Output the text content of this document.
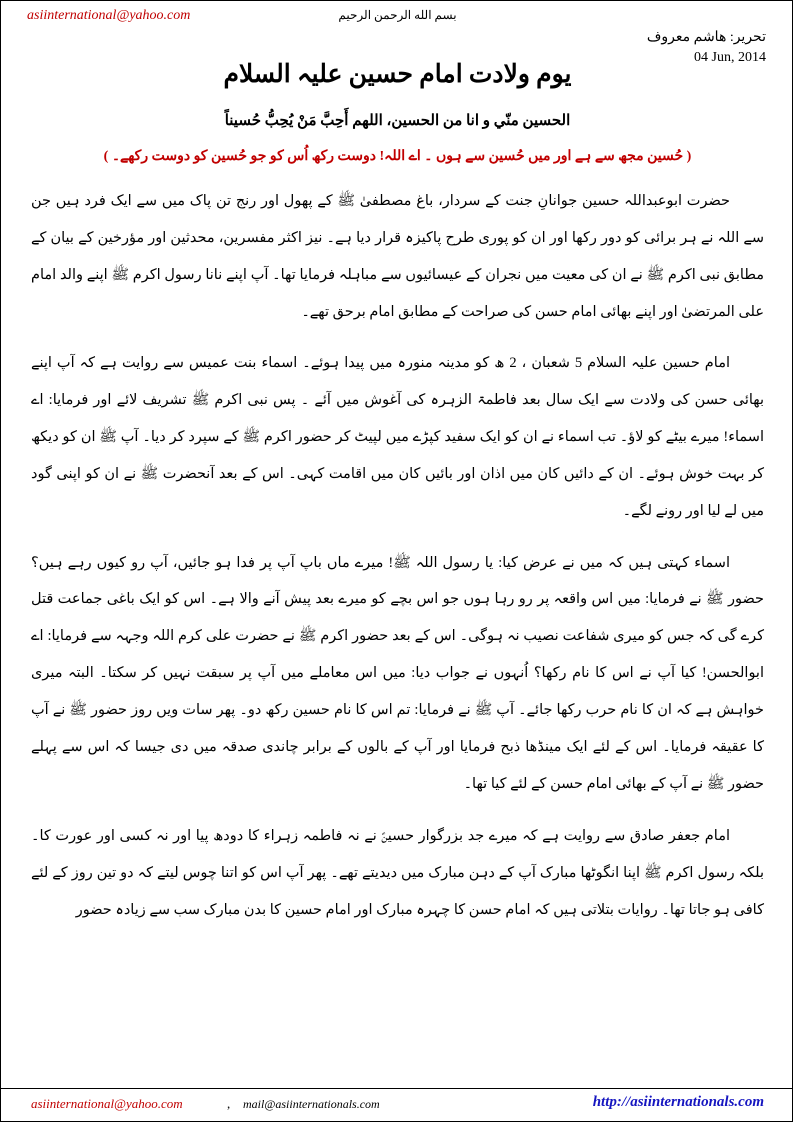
asiinternational@yahoo.com	بسم الله الرحمن الرحيم
تحرير: هاشم معروف
04 Jun, 2014
یوم ولادت امام حسین علیہ السلام
الحسين منّي و انا من الحسين، اللهم أَحِبَّ مَنْ يُحِبُّ حُسيناً
( حُسین مجھ سے ہے اور میں حُسین سے ہوں ۔ اے اللہ! دوست رکھ اُس کو جو حُسین کو دوست رکھے۔ )

حضرت ابوعبداللہ حسین جوانانِ جنت کے سردار، باغ مصطفیٰ ﷺ کے پھول اور رنج تن پاک میں سے ایک فرد ہیں جن سے اللہ نے ہر برائی کو دور رکھا اور ان کو پوری طرح پاکیزہ قرار دیا ہے۔ نیز اکثر مفسرین، محدثین اور مؤرخین کے بیان کے مطابق نبی اکرم ﷺ نے ان کی معیت میں نجران کے عیسائیوں سے مباہلہ فرمایا تھا۔ آپ اپنے نانا رسول اکرم ﷺ اپنے والد امام علی المرتضیٰ اور اپنے بھائی امام حسن کی صراحت کے مطابق امام برحق تھے۔

امام حسین علیہ السلام 5 شعبان ، 2 ھ کو مدینہ منورہ میں پیدا ہوئے۔ اسماء بنت عمیس سے روایت ہے کہ آپ اپنے بھائی حسن کی ولادت سے ایک سال بعد فاطمۃ الزہرہ کی آغوش میں آئے ۔ پس نبی اکرم ﷺ تشریف لائے اور فرمایا: اے اسماء! میرے بیٹے کو لاؤ۔ تب اسماء نے ان کو ایک سفید کپڑے میں لپیٹ کر حضور اکرم ﷺ کے سپرد کر دیا۔ آپ ﷺ ان کو دیکھ کر بہت خوش ہوئے۔ ان کے دائیں کان میں اذان اور بائیں کان میں اقامت کہی۔ اس کے بعد آنحضرت ﷺ نے ان کو اپنی گود میں لے لیا اور رونے لگے۔

اسماء کہتی ہیں کہ میں نے عرض کیا: یا رسول اللہ ﷺ! میرے ماں باپ آپ پر فدا ہو جائیں، آپ رو کیوں رہے ہیں؟ حضور ﷺ نے فرمایا: میں اس واقعہ پر رو رہا ہوں جو اس بچے کو میرے بعد پیش آنے والا ہے۔ اس کو ایک باغی جماعت قتل کرے گی کہ جس کو میری شفاعت نصیب نہ ہوگی۔ اس کے بعد حضور اکرم ﷺ نے حضرت علی کرم اللہ وجہہ سے فرمایا: اے ابوالحسن! کیا آپ نے اس کا نام رکھا؟ اُنہوں نے جواب دیا: میں اس معاملے میں آپ پر سبقت نہیں کر سکتا۔ البتہ میری خواہش ہے کہ ان کا نام حرب رکھا جائے۔ آپ ﷺ نے فرمایا: تم اس کا نام حسین رکھ دو۔ پھر سات ویں روز حضور ﷺ نے آپ کا عقیقہ فرمایا۔ اس کے لئے ایک مینڈھا ذبح فرمایا اور آپ کے بالوں کے برابر چاندی صدقہ میں دی جیسا کہ اس سے پہلے حضور ﷺ نے آپ کے بھائی امام حسن کے لئے کیا تھا۔

امام جعفر صادق سے روایت ہے کہ میرے جد بزرگوار حسینؑ نے نہ فاطمہ زہراء کا دودھ پیا اور نہ کسی اور عورت کا۔ بلکہ رسول اکرم ﷺ اپنا انگوٹھا مبارک آپ کے دہن مبارک میں دیدیتے تھے۔ پھر آپ اس کو اتنا چوس لیتے کہ دو تین روز کے لئے کافی ہو جاتا تھا۔ روایات بتلاتی ہیں کہ امام حسن کا چہرہ مبارک اور امام حسین کا بدن مبارک سب سے زیادہ حضور

asiinternational@yahoo.com	, mail@asiinternationals.com	http://asiinternationals.com
